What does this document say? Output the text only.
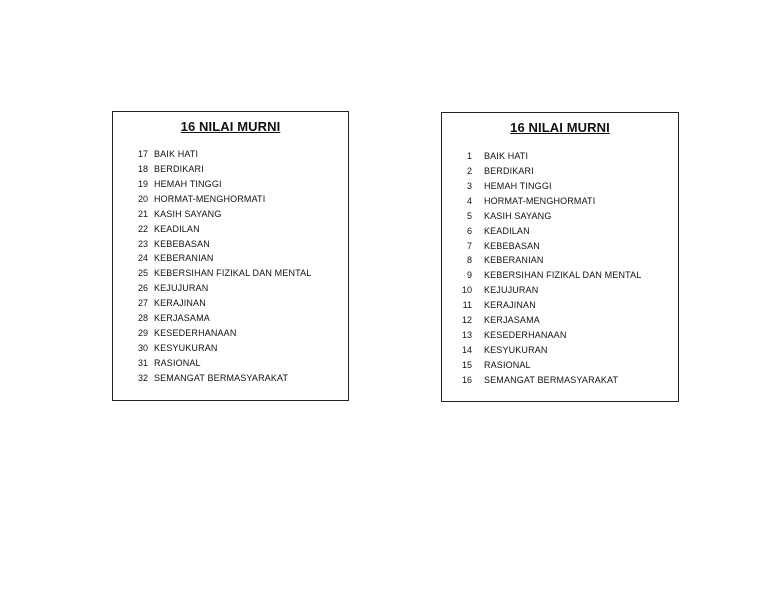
16 NILAI MURNI
17 BAIK HATI
18 BERDIKARI
19 HEMAH TINGGI
20 HORMAT-MENGHORMATI
21 KASIH SAYANG
22 KEADILAN
23 KEBEBASAN
24 KEBERANIAN
25 KEBERSIHAN FIZIKAL DAN MENTAL
26 KEJUJURAN
27 KERAJINAN
28 KERJASAMA
29 KESEDERHANAAN
30 KESYUKURAN
31 RASIONAL
32 SEMANGAT BERMASYARAKAT
16 NILAI MURNI
1 BAIK HATI
2 BERDIKARI
3 HEMAH TINGGI
4 HORMAT-MENGHORMATI
5 KASIH SAYANG
6 KEADILAN
7 KEBEBASAN
8 KEBERANIAN
9 KEBERSIHAN FIZIKAL DAN MENTAL
10 KEJUJURAN
11 KERAJINAN
12 KERJASAMA
13 KESEDERHANAAN
14 KESYUKURAN
15 RASIONAL
16 SEMANGAT BERMASYARAKAT
